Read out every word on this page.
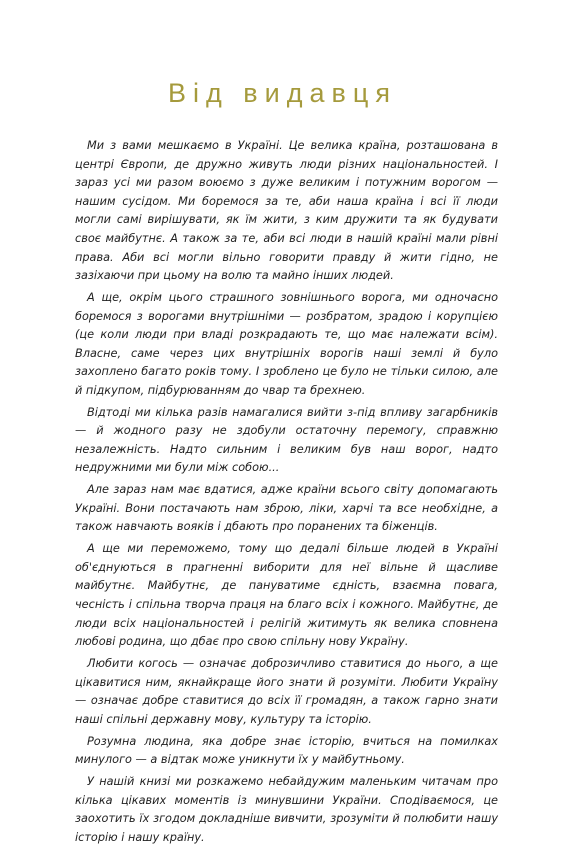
Від видавця

Ми з вами мешкаємо в Україні. Це велика країна, розташована в центрі Європи, де дружно живуть люди різних національностей. І зараз усі ми разом воюємо з дуже великим і потужним ворогом — нашим сусідом. Ми боремося за те, аби наша країна і всі її люди могли самі вирішувати, як їм жити, з ким дружити та як будувати своє майбутнє. А також за те, аби всі люди в нашій країні мали рівні права. Аби всі могли вільно говорити правду й жити гідно, не зазіхаючи при цьому на волю та майно інших людей.

А ще, окрім цього страшного зовнішнього ворога, ми одночасно боремося з ворогами внутрішніми — розбратом, зрадою і корупцією (це коли люди при владі розкрадають те, що має належати всім). Власне, саме через цих внутрішніх ворогів наші землі й було захоплено багато років тому. І зроблено це було не тільки силою, але й підкупом, підбурюванням до чвар та брехнею.

Відтоді ми кілька разів намагалися вийти з-під впливу загарбників — й жодного разу не здобули остаточну перемогу, справжню незалежність. Надто сильним і великим був наш ворог, надто недружними ми були між собою...

Але зараз нам має вдатися, адже країни всього світу допомагають Україні. Вони постачають нам зброю, ліки, харчі та все необхідне, а також навчають вояків і дбають про поранених та біженців.

А ще ми переможемо, тому що дедалі більше людей в Україні об'єднуються в прагненні виборити для неї вільне й щасливе майбутнє. Майбутнє, де пануватиме єдність, взаємна повага, чесність і спільна творча праця на благо всіх і кожного. Майбутнє, де люди всіх національностей і релігій житимуть як велика сповнена любові родина, що дбає про свою спільну нову Україну.

Любити когось — означає доброзичливо ставитися до нього, а ще цікавитися ним, якнайкраще його знати й розуміти. Любити Україну — означає добре ставитися до всіх її громадян, а також гарно знати наші спільні державну мову, культуру та історію.

Розумна людина, яка добре знає історію, вчиться на помилках минулого — а відтак може уникнути їх у майбутньому.

У нашій книзі ми розкажемо небайдужим маленьким читачам про кілька цікавих моментів із минувшини України. Сподіваємося, це заохотить їх згодом докладніше вивчити, зрозуміти й полюбити нашу історію і нашу країну.
